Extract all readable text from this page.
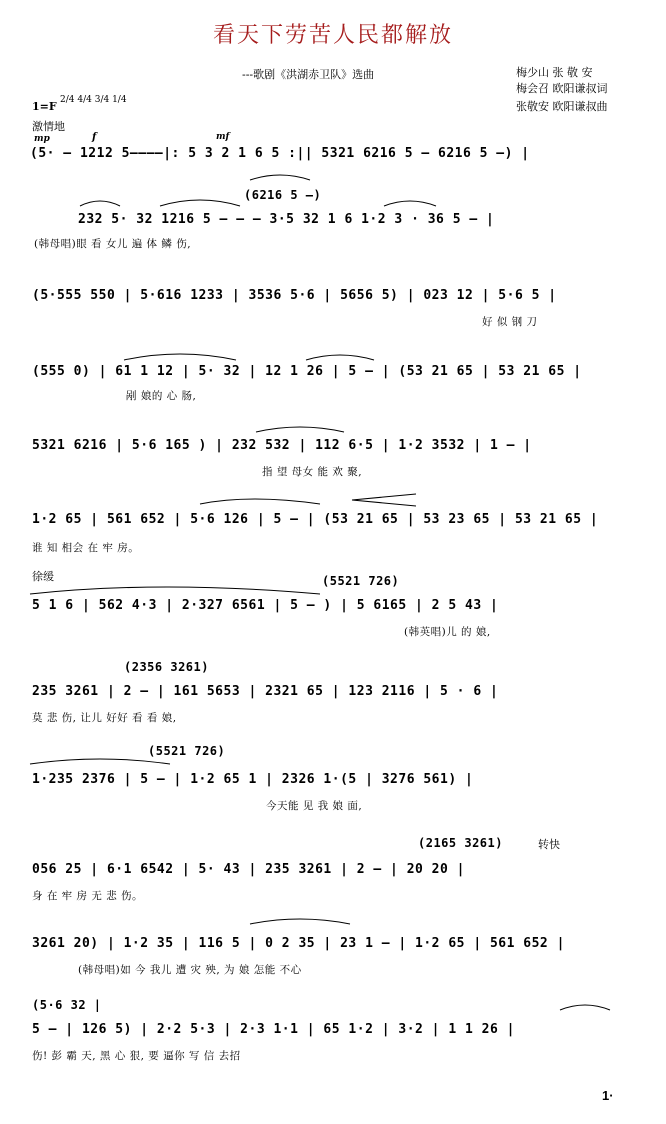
看天下劳苦人民都解放
---歌剧《洪湖赤卫队》选曲	梅少山 张 敬 安
梅会召 欧阳谦叔词
张敬安 欧阳谦叔曲
1=F 2/4 4/4 3/4 1/4
激情地
mp	f	mf
(5· – 1212 5――――|: 5 3 2 1 6 5 :|| 5321 6216 5 – 6216 5 –) |
(6216 5 –)
232 5· 32 1216 5 – – – 3·5 32 1 6 1·2 3 · 36 5 – |
(韩母唱)眼 看 女儿 遍 体 鳞 伤,
(5·555 550 | 5·616 1233 | 3536 5·6 | 5656 5) | 023 12 | 5·6 5 |
好 似 钢 刀
(555 0) | 61 1 12 | 5· 32 | 12 1 26 | 5 – | (53 21 65 | 53 21 65 |
剐 娘的 心 肠,
5321 6216 | 5·6 165 ) | 232 532 | 112 6·5 | 1·2 3532 | 1 – |
指 望 母女 能 欢 聚,
1·2 65 | 561 652 | 5·6 126 | 5 – | (53 21 65 | 53 23 65 | 53 21 65 |
谁 知 相会 在 牢 房。
徐缓	(5521 726)
5 1 6 | 562 4·3 | 2·327 6561 | 5 – ) | 5 6165 | 2 5 43 |
(韩英唱)儿 的 娘,
(2356 3261)
235 3261 | 2 – | 161 5653 | 2321 65 | 123 2116 | 5 · 6 |
莫 悲 伤, 让儿 好好 看 看 娘,
(5521 726)
1·235 2376 | 5 – | 1·2 65 1 | 2326 1·(5 | 3276 561) |
今天能 见 我 娘 面,
(2165 3261)	转快
056 25 | 6·1 6542 | 5· 43 | 235 3261 | 2 – | 20 20 |
身 在 牢 房 无 悲 伤。
3261 20) | 1·2 35 | 116 5 | 0 2 35 | 23 1 – | 1·2 65 | 561 652 |
(韩母唱)如 今 我儿 遭 灾 殃, 为 娘 怎能 不心
(5·6 32 |
5 – | 126 5) | 2·2 5·3 | 2·3 1·1 | 65 1·2 | 3·2 | 1 1 26 |
伤! 彭 霸 天, 黑 心 狠, 要 逼你 写 信 去招
1·
